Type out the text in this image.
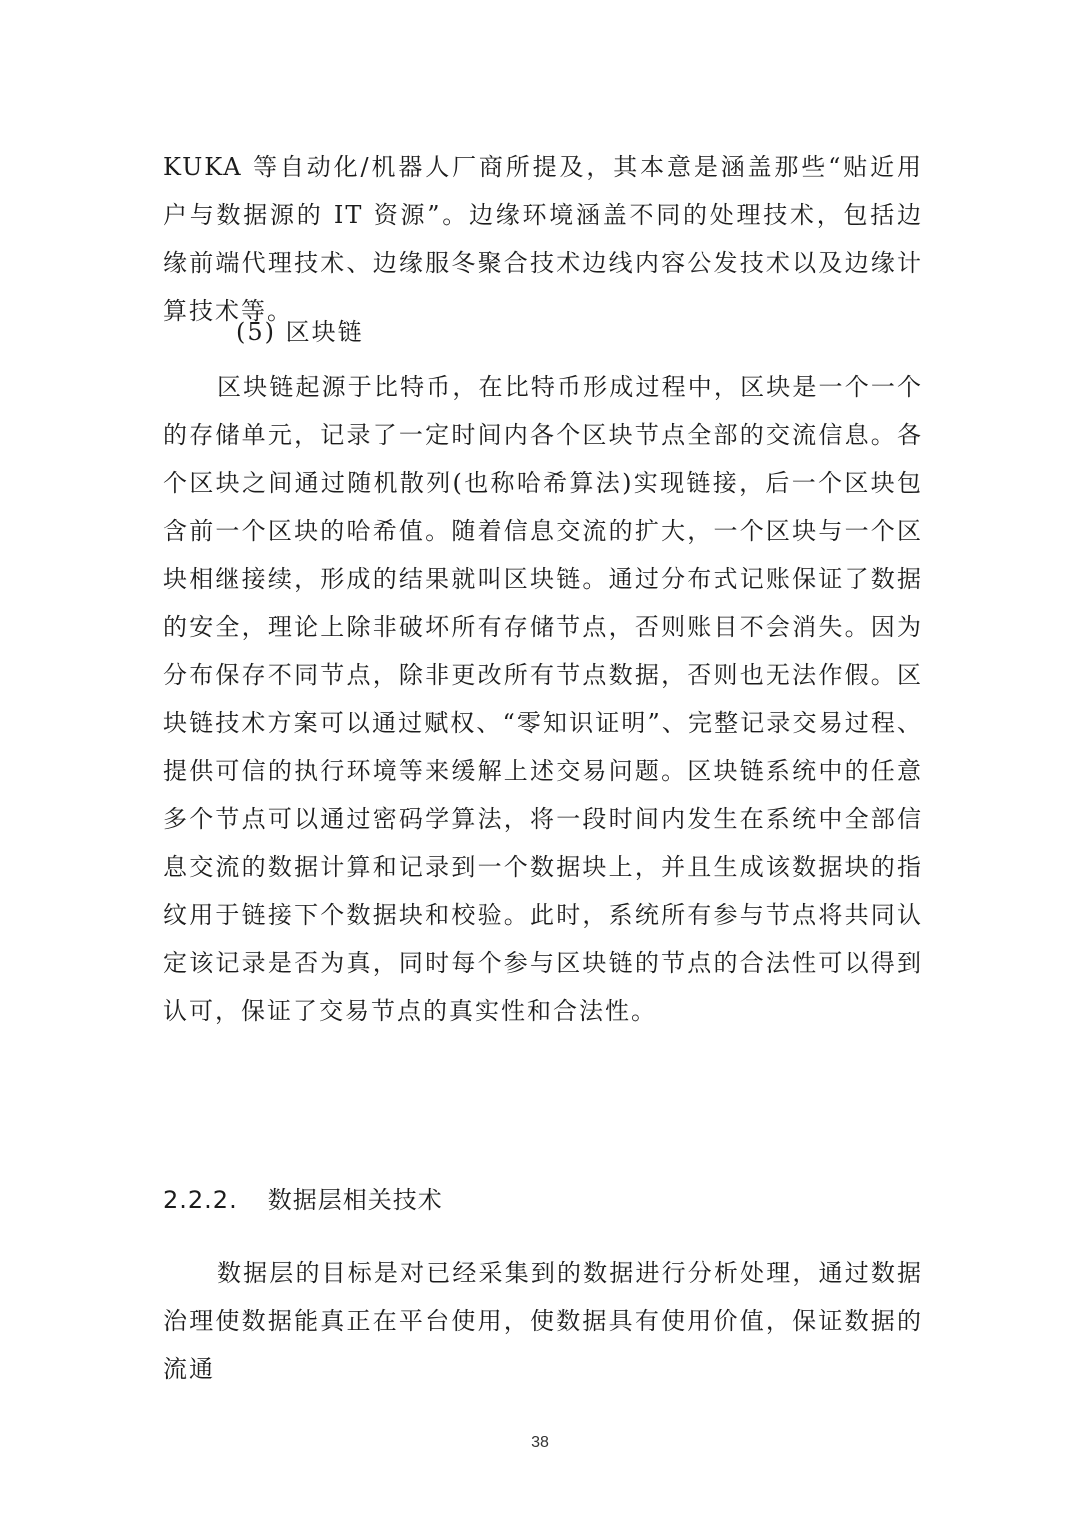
KUKA 等自动化/机器人厂商所提及，其本意是涵盖那些“贴近用户与数据源的 IT 资源”。边缘环境涵盖不同的处理技术，包括边缘前端代理技术、边缘服冬聚合技术边线内容公发技术以及边缘计算技术等。
(5) 区块链
区块链起源于比特币，在比特币形成过程中，区块是一个一个的存储单元，记录了一定时间内各个区块节点全部的交流信息。各个区块之间通过随机散列(也称哈希算法)实现链接，后一个区块包含前一个区块的哈希值。随着信息交流的扩大，一个区块与一个区块相继接续，形成的结果就叫区块链。通过分布式记账保证了数据的安全，理论上除非破坏所有存储节点，否则账目不会消失。因为分布保存不同节点，除非更改所有节点数据，否则也无法作假。区块链技术方案可以通过赋权、“零知识证明”、完整记录交易过程、提供可信的执行环境等来缓解上述交易问题。区块链系统中的任意多个节点可以通过密码学算法，将一段时间内发生在系统中全部信息交流的数据计算和记录到一个数据块上，并且生成该数据块的指纹用于链接下个数据块和校验。此时，系统所有参与节点将共同认定该记录是否为真，同时每个参与区块链的节点的合法性可以得到认可，保证了交易节点的真实性和合法性。
2.2.2. 数据层相关技术
数据层的目标是对已经采集到的数据进行分析处理，通过数据治理使数据能真正在平台使用，使数据具有使用价值，保证数据的流通
38
